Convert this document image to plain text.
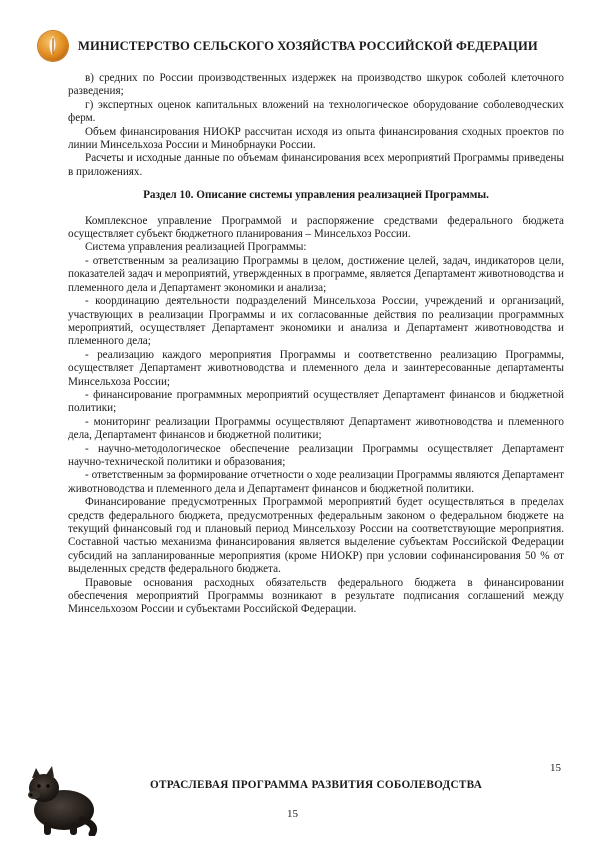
МИНИСТЕРСТВО СЕЛЬСКОГО ХОЗЯЙСТВА РОССИЙСКОЙ ФЕДЕРАЦИИ

в) средних по России производственных издержек на производство шкурок соболей клеточного разведения;

г) экспертных оценок капитальных вложений на технологическое оборудование соболеводческих ферм.

Объем финансирования НИОКР рассчитан исходя из опыта финансирования сходных проектов по линии Минсельхоза России и Минобрнауки России.

Расчеты и исходные данные по объемам финансирования всех мероприятий Программы приведены в приложениях.

Раздел 10. Описание системы управления реализацией Программы.

Комплексное управление Программой и распоряжение средствами федерального бюджета осуществляет субъект бюджетного планирования – Минсельхоз России.

Система управления реализацией Программы:

- ответственным за реализацию Программы в целом, достижение целей, задач, индикаторов цели, показателей задач и мероприятий, утвержденных в программе, является Департамент животноводства и племенного дела и Департамент экономики и анализа;

- координацию деятельности подразделений Минсельхоза России, учреждений и организаций, участвующих в реализации Программы и их согласованные действия по реализации программных мероприятий, осуществляет Департамент экономики и анализа и Департамент животноводства и племенного дела;

- реализацию каждого мероприятия Программы и соответственно реализацию Программы, осуществляет Департамент животноводства и племенного дела и заинтересованные департаменты Минсельхоза России;

- финансирование программных мероприятий осуществляет Департамент финансов и бюджетной политики;

- мониторинг реализации Программы осуществляют Департамент животноводства и племенного дела, Департамент финансов и бюджетной политики;

- научно-методологическое обеспечение реализации Программы осуществляет Департамент научно-технической политики и образования;

- ответственным за формирование отчетности о ходе реализации Программы являются Департамент животноводства и племенного дела и Департамент финансов и бюджетной политики.

Финансирование предусмотренных Программой мероприятий будет осуществляться в пределах средств федерального бюджета, предусмотренных федеральным законом о федеральном бюджете на текущий финансовый год и плановый период Минсельхозу России на соответствующие мероприятия. Составной частью механизма финансирования является выделение субъектам Российской Федерации субсидий на запланированные мероприятия (кроме НИОКР) при условии софинансирования 50 % от выделенных средств федерального бюджета.

Правовые основания расходных обязательств федерального бюджета в финансировании обеспечения мероприятий Программы возникают в результате подписания соглашений между Минсельхозом России и субъектами Российской Федерации.

15
ОТРАСЛЕВАЯ ПРОГРАММА РАЗВИТИЯ СОБОЛЕВОДСТВА
15
